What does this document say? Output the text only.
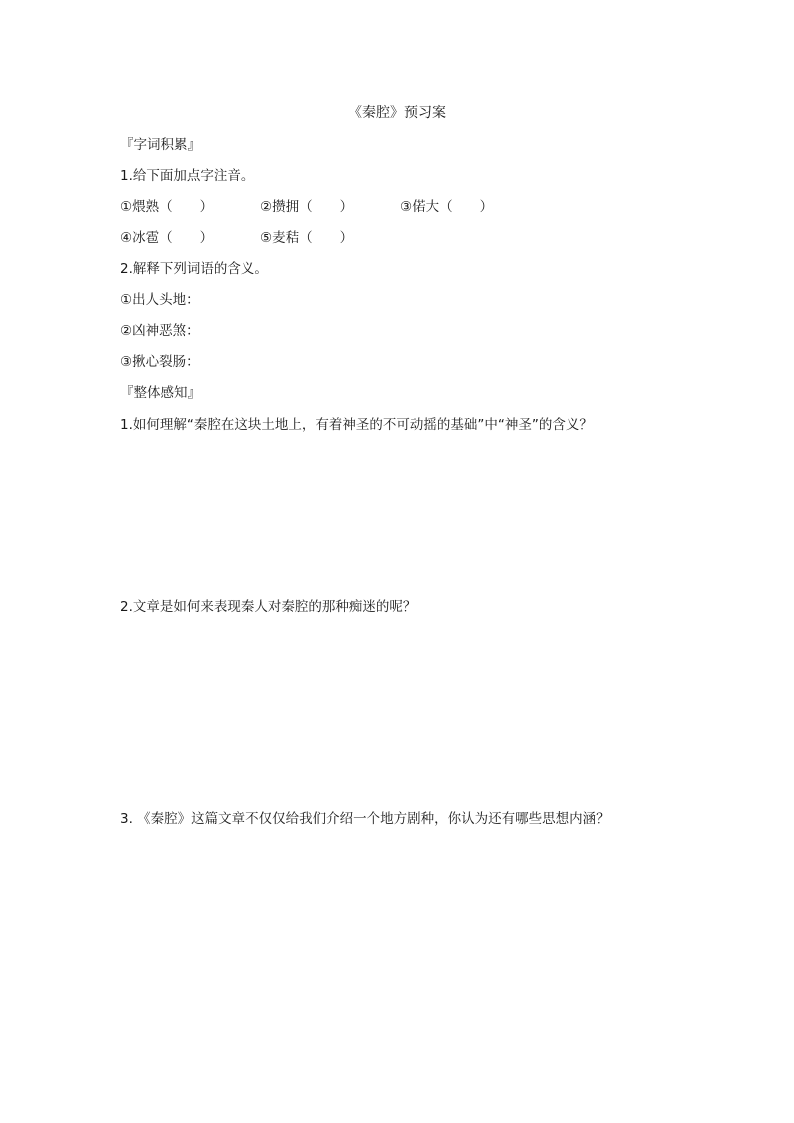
《秦腔》预习案
『字词积累』
1.给下面加点字注音。
①煨熟（　　）	②攒拥（　　）	③偌大（　　）
④冰雹（　　）	⑤麦秸（　　）
2.解释下列词语的含义。
①出人头地：
②凶神恶煞：
③揪心裂肠：
『整体感知』
1.如何理解“秦腔在这块土地上，有着神圣的不可动摇的基础”中“神圣”的含义？
2.文章是如何来表现秦人对秦腔的那种痴迷的呢？
3. 《秦腔》这篇文章不仅仅给我们介绍一个地方剧种，你认为还有哪些思想内涵？
